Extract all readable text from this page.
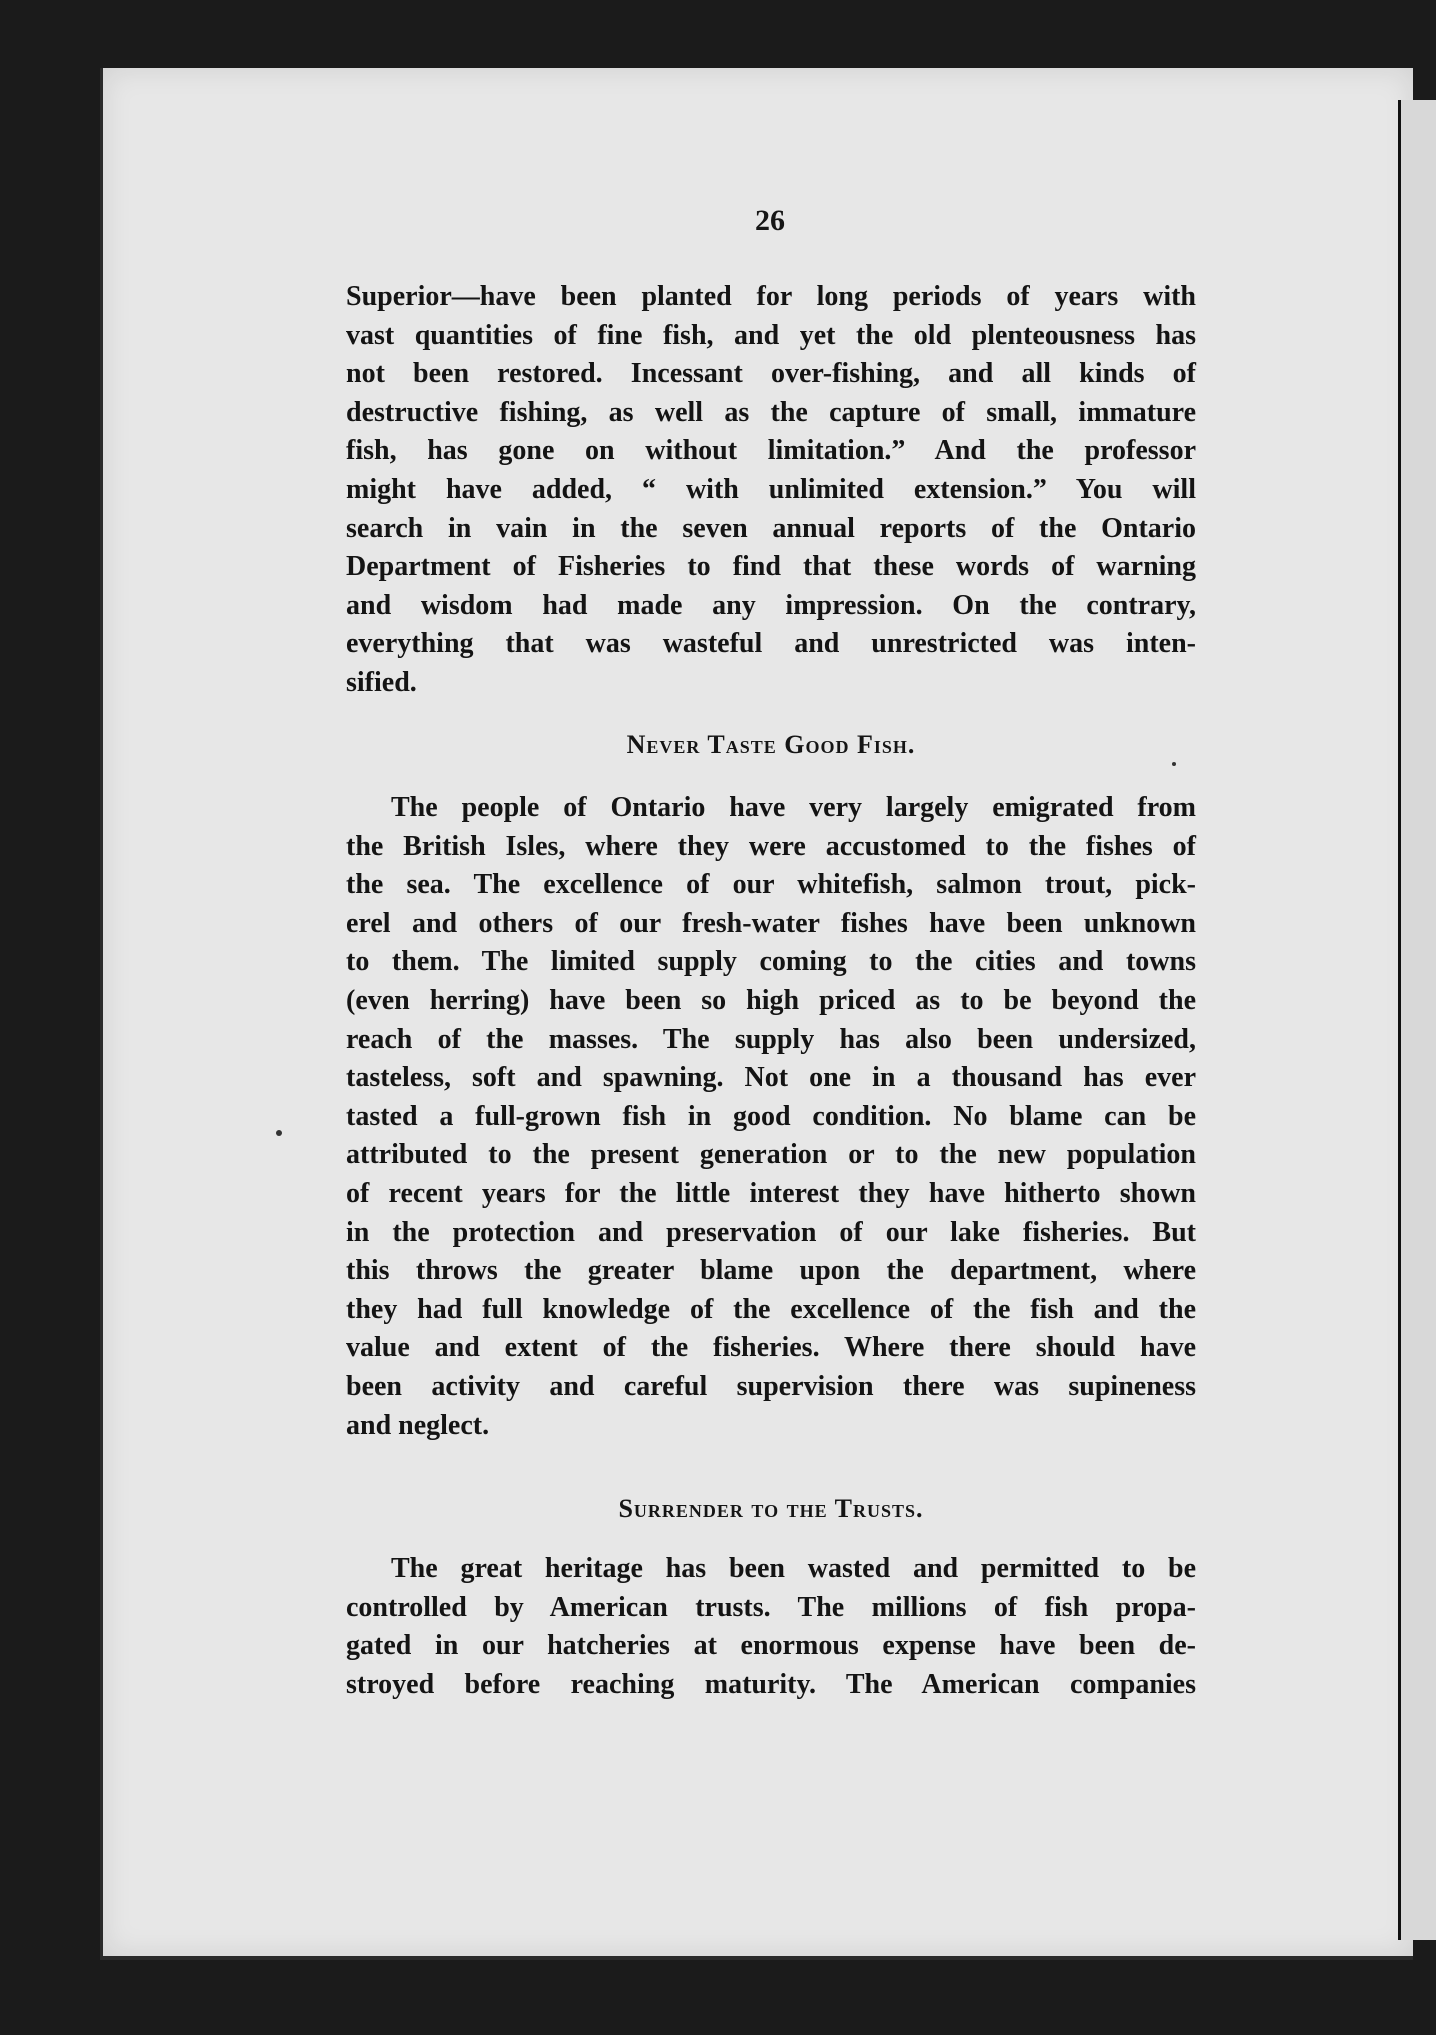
26
Superior—have been planted for long periods of years with
vast quantities of fine fish, and yet the old plenteousness has
not been restored. Incessant over-fishing, and all kinds of
destructive fishing, as well as the capture of small, immature
fish, has gone on without limitation.” And the professor
might have added, “ with unlimited extension.” You will
search in vain in the seven annual reports of the Ontario
Department of Fisheries to find that these words of warning
and wisdom had made any impression. On the contrary,
everything that was wasteful and unrestricted was inten-
sified.
Never Taste Good Fish.
The people of Ontario have very largely emigrated from
the British Isles, where they were accustomed to the fishes of
the sea. The excellence of our whitefish, salmon trout, pick-
erel and others of our fresh-water fishes have been unknown
to them. The limited supply coming to the cities and towns
(even herring) have been so high priced as to be beyond the
reach of the masses. The supply has also been undersized,
tasteless, soft and spawning. Not one in a thousand has ever
tasted a full-grown fish in good condition. No blame can be
attributed to the present generation or to the new population
of recent years for the little interest they have hitherto shown
in the protection and preservation of our lake fisheries. But
this throws the greater blame upon the department, where
they had full knowledge of the excellence of the fish and the
value and extent of the fisheries. Where there should have
been activity and careful supervision there was supineness
and neglect.
Surrender to the Trusts.
The great heritage has been wasted and permitted to be
controlled by American trusts. The millions of fish propa-
gated in our hatcheries at enormous expense have been de-
stroyed before reaching maturity. The American companies
